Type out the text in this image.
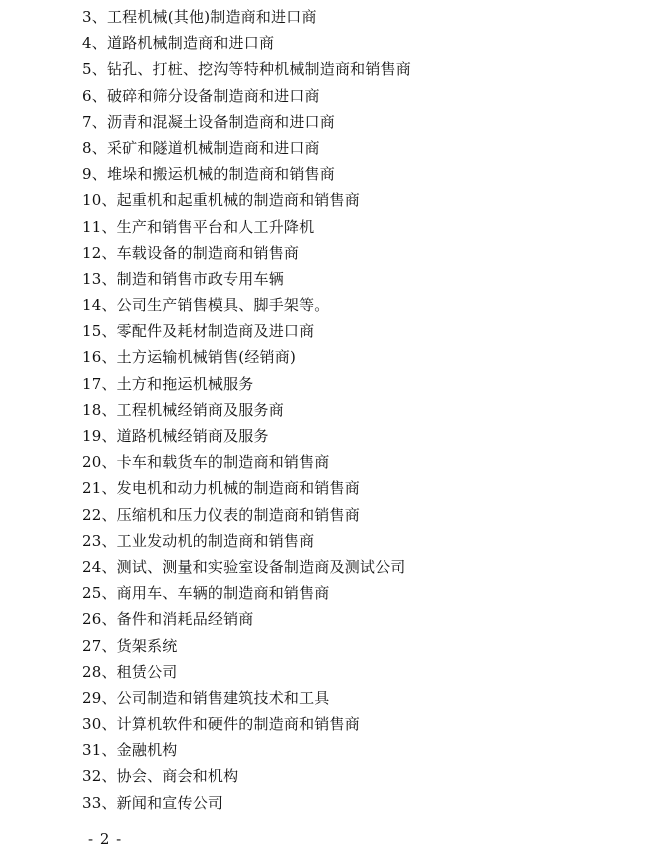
3、工程机械(其他)制造商和进口商
4、道路机械制造商和进口商
5、钻孔、打桩、挖沟等特种机械制造商和销售商
6、破碎和筛分设备制造商和进口商
7、沥青和混凝土设备制造商和进口商
8、采矿和隧道机械制造商和进口商
9、堆垛和搬运机械的制造商和销售商
10、起重机和起重机械的制造商和销售商
11、生产和销售平台和人工升降机
12、车载设备的制造商和销售商
13、制造和销售市政专用车辆
14、公司生产销售模具、脚手架等。
15、零配件及耗材制造商及进口商
16、土方运输机械销售(经销商)
17、土方和拖运机械服务
18、工程机械经销商及服务商
19、道路机械经销商及服务
20、卡车和载货车的制造商和销售商
21、发电机和动力机械的制造商和销售商
22、压缩机和压力仪表的制造商和销售商
23、工业发动机的制造商和销售商
24、测试、测量和实验室设备制造商及测试公司
25、商用车、车辆的制造商和销售商
26、备件和消耗品经销商
27、货架系统
28、租赁公司
29、公司制造和销售建筑技术和工具
30、计算机软件和硬件的制造商和销售商
31、金融机构
32、协会、商会和机构
33、新闻和宣传公司
- 2 -
